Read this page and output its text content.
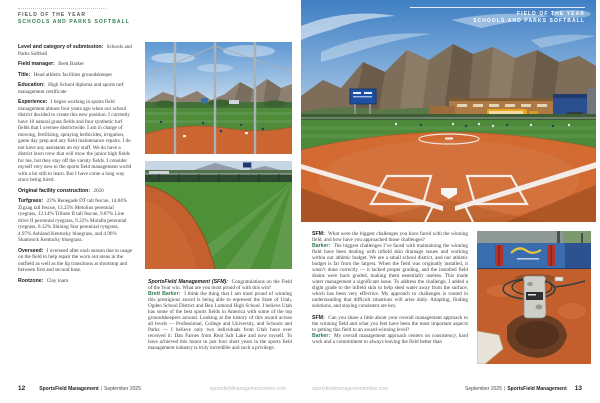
FIELD OF THE YEAR
SCHOOLS AND PARKS SOFTBALL

Level and category of submission: Schools and Parks Softball

Field manager: Brett Barker

Title: Head athletic facilities groundskeeper

Education: High School diploma and sports turf management certificate

Experience: I began working in sports field management almost four years ago when our school district decided to create this new position. I currently have 10 natural grass fields and four synthetic turf fields that I oversee districtwide. I am in charge of mowing, fertilizing, spraying herbicides, irrigation, game day prep and any field maintenance repairs. I do not have any assistants on my staff. We do have a district lawn crew that will mow the junior high fields for me, but they stay off the varsity fields. I consider myself very new to the sports field management world with a lot still to learn. But I have come a long way since being hired.

Original facility construction: 2020

Turfgrass: 22% Renegade DT tall fescue, 14.84% Zigzag tall fescue, 13.25% Metolius perennial ryegrass, 12.14% Tribute II tall fescue, 9.87% Line drive II perennial ryegrass, 9.22% Molalla perennial ryegrass, 6.12% Shining Star perennial ryegrass, 4.97% Ashland Kentucky bluegrass, and 4.96% Shamrock Kentucky bluegrass.

Overseed: I overseed after each season due to usage on the field to help repair the worn out areas in the outfield as well as the lip transitions at shortstop and between first and second base.

Rootzone: Clay loam	SportsField Management (SFM): Congratulations on the Field of the Year win. What are you most proud of with this win?

Brett Barker: I think the thing that I am most proud of winning this prestigious award is being able to represent the State of Utah, Ogden School District and Ben Lomond High School. I believe Utah has some of the best sports fields in America with some of the top groundskeepers around. Looking at the history of this award across all levels — Professional, College and University, and Schools and Parks — I believe only two individuals from Utah have ever received it: Dan Farnes from Real Salt Lake and now myself. To have achieved this honor in just four short years in the sports field management industry is truly incredible and such a privilege.

12	SportsField Management | September 2025	sportsfieldmanagementonline.com
FIELD OF THE YEAR
SCHOOLS AND PARKS SOFTBALL

SFM: What were the biggest challenges you have faced with the winning field, and how have you approached those challenges?

Barker: The biggest challenges I’ve faced with maintaining the winning field have been dealing with infield skin drainage issues and working within our athletic budget. We are a small school district, and our athletic budget is far from the largest. When the field was originally installed, it wasn’t done correctly — it lacked proper grading, and the installed field drains were back graded, making them essentially useless. This made water management a significant issue. To address the challenge, I added a slight grade to the infield skin to help shed water away from the surface, which has been very effective. My approach to challenges is rooted in understanding that difficult situations will arise daily. Adapting, finding solutions, and staying consistent are key.

SFM: Can you share a little about your overall management approach to the winning field and what you feel have been the most important aspects to getting this field to an award-winning level?

Barker: My overall management approach centers on consistency, hard work and a commitment to always leaving the field better than

sportsfieldmanagementonline.com	September 2025 | SportsField Management 13
